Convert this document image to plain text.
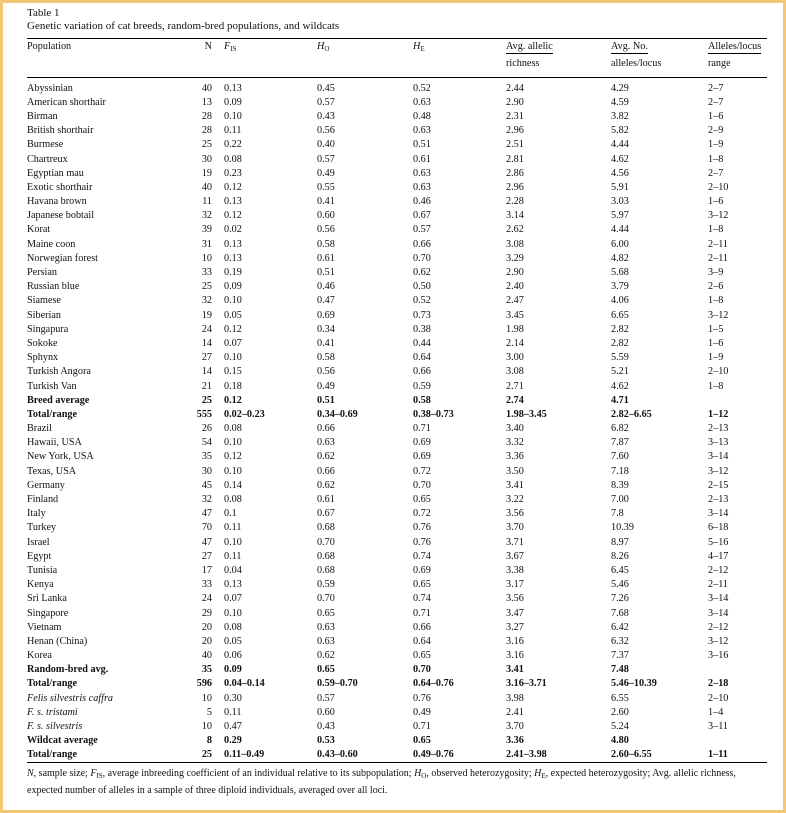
Table 1
Genetic variation of cat breeds, random-bred populations, and wildcats
Population	N	$F_{IS}$	$H_O$	$H_E$	Avg. allelic	Avg. No.	Alleles/locus
					richness	alleles/locus	range
Abyssinian	40	0.13	0.45	0.52	2.44	4.29	2–7
American shorthair	13	0.09	0.57	0.63	2.90	4.59	2–7
Birman	28	0.10	0.43	0.48	2.31	3.82	1–6
British shorthair	28	0.11	0.56	0.63	2.96	5.82	2–9
Burmese	25	0.22	0.40	0.51	2.51	4.44	1–9
Chartreux	30	0.08	0.57	0.61	2.81	4.62	1–8
Egyptian mau	19	0.23	0.49	0.63	2.86	4.56	2–7
Exotic shorthair	40	0.12	0.55	0.63	2.96	5.91	2–10
Havana brown	11	0.13	0.41	0.46	2.28	3.03	1–6
Japanese bobtail	32	0.12	0.60	0.67	3.14	5.97	3–12
Korat	39	0.02	0.56	0.57	2.62	4.44	1–8
Maine coon	31	0.13	0.58	0.66	3.08	6.00	2–11
Norwegian forest	10	0.13	0.61	0.70	3.29	4.82	2–11
Persian	33	0.19	0.51	0.62	2.90	5.68	3–9
Russian blue	25	0.09	0.46	0.50	2.40	3.79	2–6
Siamese	32	0.10	0.47	0.52	2.47	4.06	1–8
Siberian	19	0.05	0.69	0.73	3.45	6.65	3–12
Singapura	24	0.12	0.34	0.38	1.98	2.82	1–5
Sokoke	14	0.07	0.41	0.44	2.14	2.82	1–6
Sphynx	27	0.10	0.58	0.64	3.00	5.59	1–9
Turkish Angora	14	0.15	0.56	0.66	3.08	5.21	2–10
Turkish Van	21	0.18	0.49	0.59	2.71	4.62	1–8
Breed average	25	0.12	0.51	0.58	2.74	4.71	
Total/range	555	0.02–0.23	0.34–0.69	0.38–0.73	1.98–3.45	2.82–6.65	1–12
Brazil	26	0.08	0.66	0.71	3.40	6.82	2–13
Hawaii, USA	54	0.10	0.63	0.69	3.32	7.87	3–13
New York, USA	35	0.12	0.62	0.69	3.36	7.60	3–14
Texas, USA	30	0.10	0.66	0.72	3.50	7.18	3–12
Germany	45	0.14	0.62	0.70	3.41	8.39	2–15
Finland	32	0.08	0.61	0.65	3.22	7.00	2–13
Italy	47	0.1	0.67	0.72	3.56	7.8	3–14
Turkey	70	0.11	0.68	0.76	3.70	10.39	6–18
Israel	47	0.10	0.70	0.76	3.71	8.97	5–16
Egypt	27	0.11	0.68	0.74	3.67	8.26	4–17
Tunisia	17	0.04	0.68	0.69	3.38	6.45	2–12
Kenya	33	0.13	0.59	0.65	3.17	5.46	2–11
Sri Lanka	24	0.07	0.70	0.74	3.56	7.26	3–14
Singapore	29	0.10	0.65	0.71	3.47	7.68	3–14
Vietnam	20	0.08	0.63	0.66	3.27	6.42	2–12
Henan (China)	20	0.05	0.63	0.64	3.16	6.32	3–12
Korea	40	0.06	0.62	0.65	3.16	7.37	3–16
Random-bred avg.	35	0.09	0.65	0.70	3.41	7.48	
Total/range	596	0.04–0.14	0.59–0.70	0.64–0.76	3.16–3.71	5.46–10.39	2–18
Felis silvestris caffra	10	0.30	0.57	0.76	3.98	6.55	2–10
F. s. tristami	5	0.11	0.60	0.49	2.41	2.60	1–4
F. s. silvestris	10	0.47	0.43	0.71	3.70	5.24	3–11
Wildcat average	8	0.29	0.53	0.65	3.36	4.80	
Total/range	25	0.11–0.49	0.43–0.60	0.49–0.76	2.41–3.98	2.60–6.55	1–11
N, sample size; $F_{IS}$, average inbreeding coefficient of an individual relative to its subpopulation; $H_O$, observed heterozygosity; $H_E$, expected heterozygosity; Avg. allelic richness, expected number of alleles in a sample of three diploid individuals, averaged over all loci.
